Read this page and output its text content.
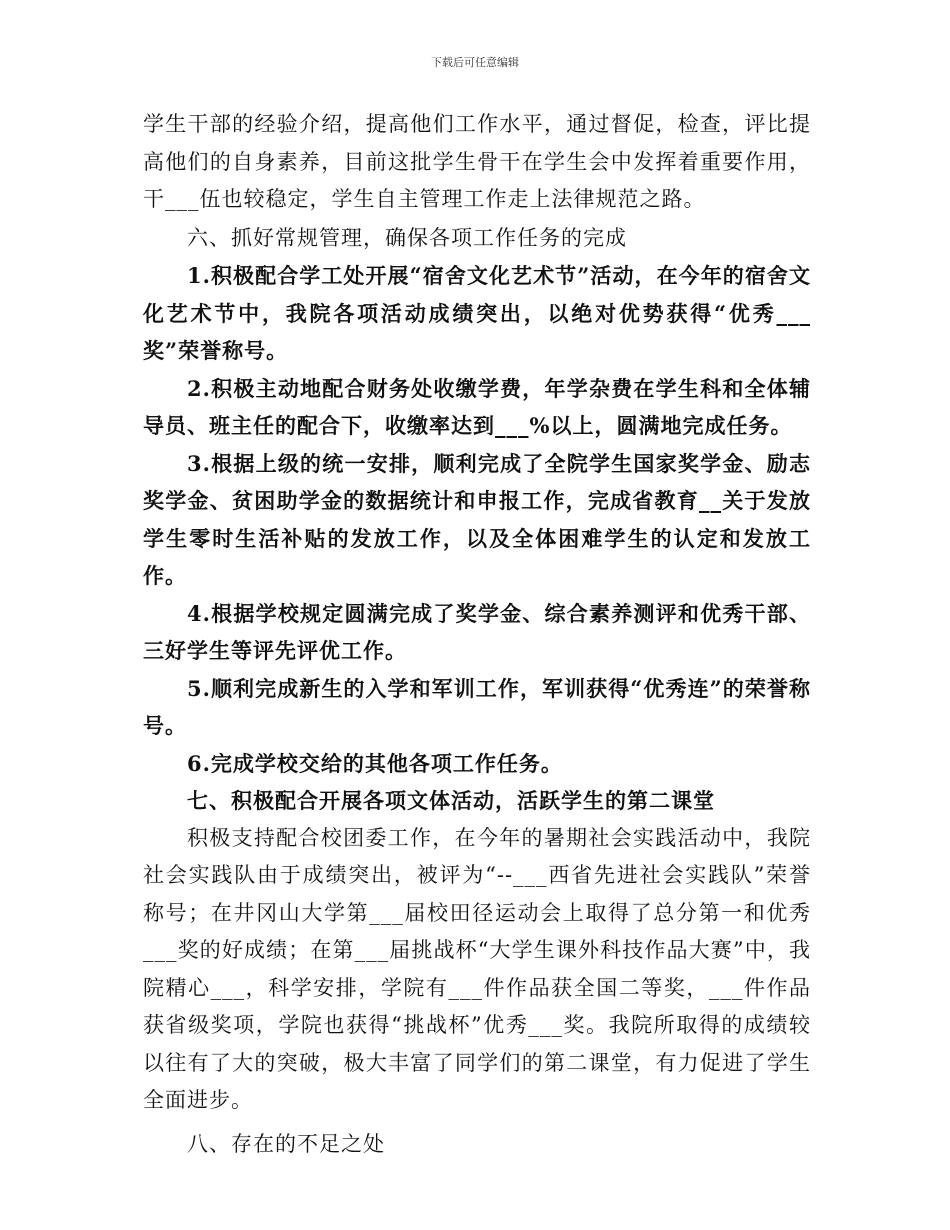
下载后可任意编辑

学生干部的经验介绍，提高他们工作水平，通过督促，检查，评比提高他们的自身素养，目前这批学生骨干在学生会中发挥着重要作用，干___伍也较稳定，学生自主管理工作走上法律规范之路。

六、抓好常规管理，确保各项工作任务的完成

1.积极配合学工处开展“宿舍文化艺术节”活动，在今年的宿舍文化艺术节中，我院各项活动成绩突出，以绝对优势获得“优秀___奖”荣誉称号。

2.积极主动地配合财务处收缴学费，年学杂费在学生科和全体辅导员、班主任的配合下，收缴率达到___%以上，圆满地完成任务。

3.根据上级的统一安排，顺利完成了全院学生国家奖学金、励志奖学金、贫困助学金的数据统计和申报工作，完成省教育__关于发放学生零时生活补贴的发放工作，以及全体困难学生的认定和发放工作。

4.根据学校规定圆满完成了奖学金、综合素养测评和优秀干部、三好学生等评先评优工作。

5.顺利完成新生的入学和军训工作，军训获得“优秀连”的荣誉称号。

6.完成学校交给的其他各项工作任务。

七、积极配合开展各项文体活动，活跃学生的第二课堂

积极支持配合校团委工作，在今年的暑期社会实践活动中，我院社会实践队由于成绩突出，被评为“--___西省先进社会实践队”荣誉称号；在井冈山大学第___届校田径运动会上取得了总分第一和优秀___奖的好成绩；在第___届挑战杯“大学生课外科技作品大赛”中，我院精心___，科学安排，学院有___件作品获全国二等奖，___件作品获省级奖项，学院也获得“挑战杯”优秀___奖。我院所取得的成绩较以往有了大的突破，极大丰富了同学们的第二课堂，有力促进了学生全面进步。

八、存在的不足之处
